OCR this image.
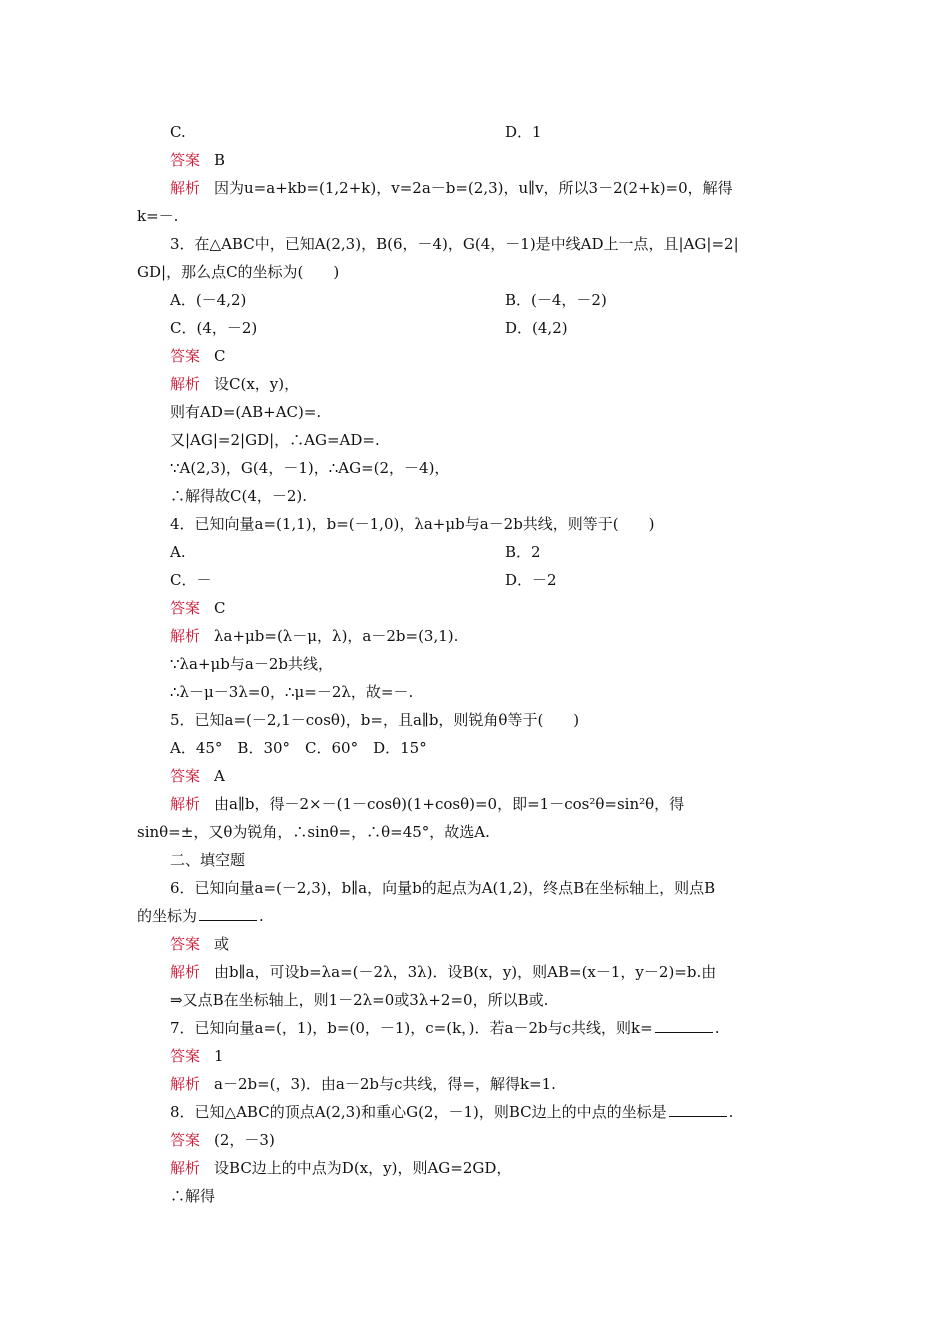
C.	D．1
答案 B
解析 因为u=a+kb=(1,2+k)，v=2a－b=(2,3)，u∥v，所以3－2(2+k)=0，解得
k=－.
3．在△ABC中，已知A(2,3)，B(6，－4)，G(4，－1)是中线AD上一点，且|AG|=2|
GD|，那么点C的坐标为(　　)
A．(－4,2)	B．(－4，－2)
C．(4，－2)	D．(4,2)
答案 C
解析 设C(x，y)，
则有AD=(AB+AC)=.
又|AG|=2|GD|，∴AG=AD=.
∵A(2,3)，G(4，－1)，∴AG=(2，－4)，
∴解得故C(4，－2).
4．已知向量a=(1,1)，b=(－1,0)，λa+μb与a－2b共线，则等于(　　)
A.	B．2
C．－	D．－2
答案 C
解析 λa+μb=(λ－μ，λ)，a－2b=(3,1).
∵λa+μb与a－2b共线，
∴λ－μ－3λ=0，∴μ=－2λ，故=－.
5．已知a=(－2,1－cosθ)，b=，且a∥b，则锐角θ等于(　　)
A．45°　B．30°　C．60°　D．15°
答案 A
解析 由a∥b，得－2×－(1－cosθ)(1+cosθ)=0，即=1－cos²θ=sin²θ，得
sinθ=±，又θ为锐角，∴sinθ=，∴θ=45°，故选A.
二、填空题
6．已知向量a=(－2,3)，b∥a，向量b的起点为A(1,2)，终点B在坐标轴上，则点B
的坐标为	.
答案 或
解析 由b∥a，可设b=λa=(－2λ，3λ)．设B(x，y)，则AB=(x－1，y－2)=b.由
⇒又点B在坐标轴上，则1－2λ=0或3λ+2=0，所以B或.
7．已知向量a=(，1)，b=(0，－1)，c=(k，)．若a－2b与c共线，则k=	.
答案 1
解析 a－2b=(，3)．由a－2b与c共线，得=，解得k=1.
8．已知△ABC的顶点A(2,3)和重心G(2，－1)，则BC边上的中点的坐标是	.
答案 (2，－3)
解析 设BC边上的中点为D(x，y)，则AG=2GD，
∴解得
